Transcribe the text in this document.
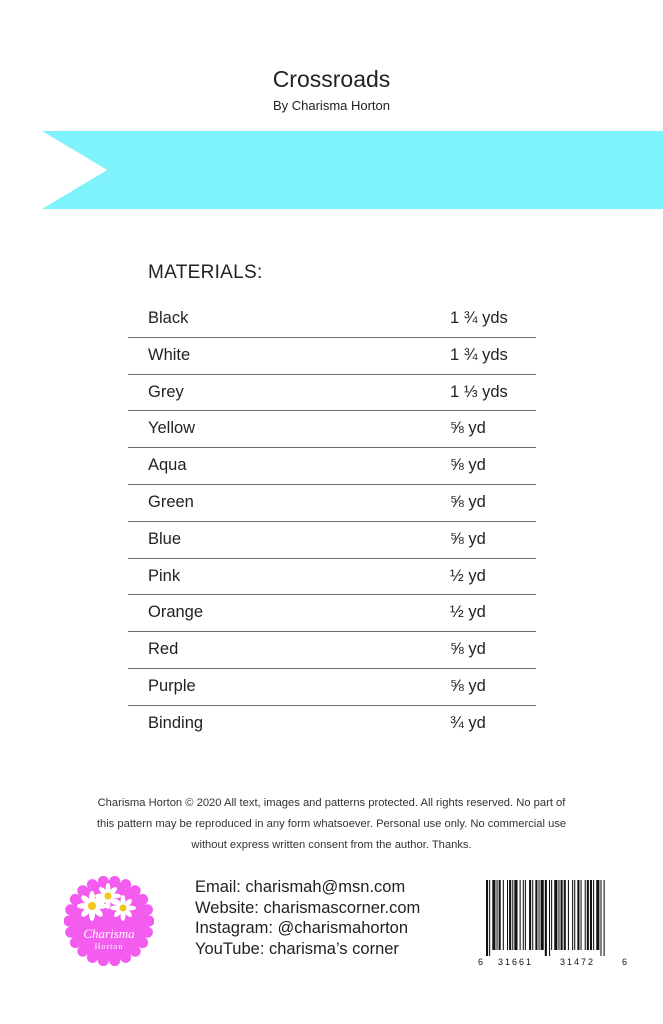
Crossroads
By Charisma Horton
MATERIALS:
Black	1 ¾ yds
White	1 ¾ yds
Grey	1 ⅓ yds
Yellow	⅝ yd
Aqua	⅝ yd
Green	⅝ yd
Blue	⅝ yd
Pink	½ yd
Orange	½ yd
Red	⅝ yd
Purple	⅝ yd
Binding	¾ yd
Charisma Horton © 2020 All text, images and patterns protected. All rights reserved. No part of
this pattern may be reproduced in any form whatsoever. Personal use only. No commercial use
without express written consent from the author. Thanks.
Charisma
Horton
Email: charismah@msn.com
Website: charismascorner.com
Instagram: @charismahorton
YouTube: charisma’s corner
6 31661	31472	6
